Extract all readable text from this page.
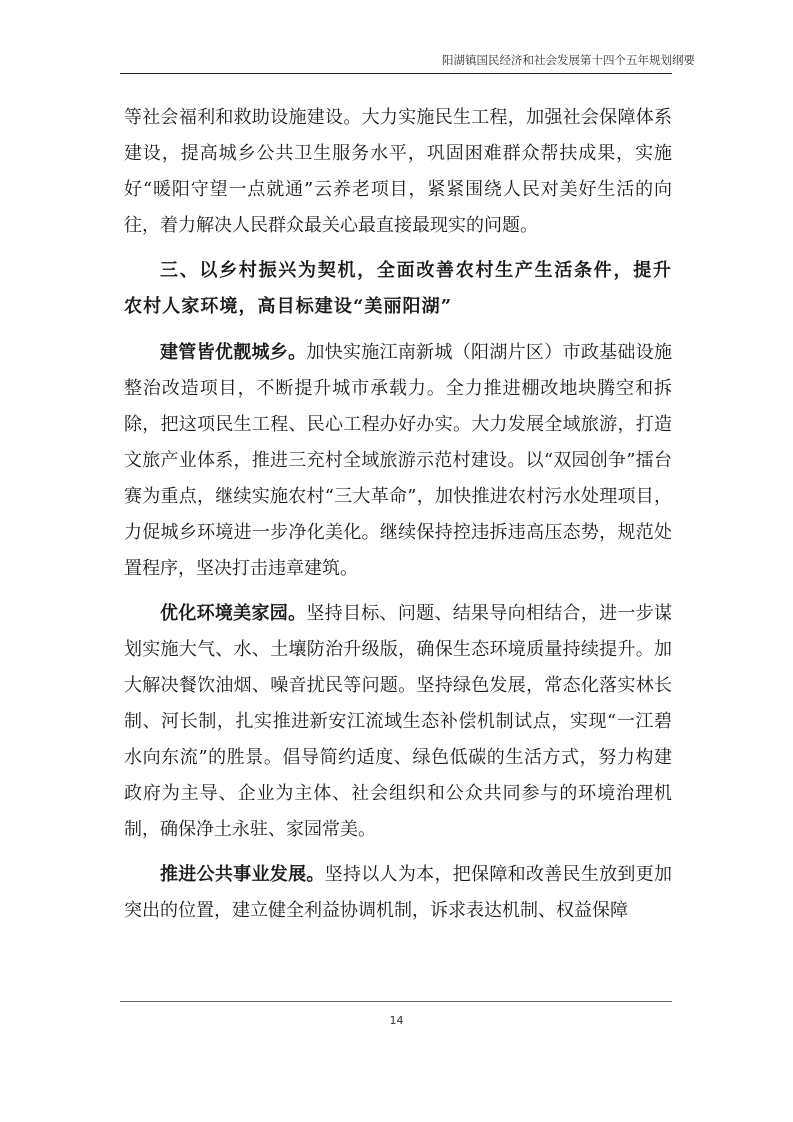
阳湖镇国民经济和社会发展第十四个五年规划纲要

等社会福利和救助设施建设。大力实施民生工程，加强社会保障体系建设，提高城乡公共卫生服务水平，巩固困难群众帮扶成果，实施好“暖阳守望一点就通”云养老项目，紧紧围绕人民对美好生活的向往，着力解决人民群众最关心最直接最现实的问题。

三、以乡村振兴为契机，全面改善农村生产生活条件，提升农村人家环境，高目标建设“美丽阳湖”

建管皆优靓城乡。加快实施江南新城（阳湖片区）市政基础设施整治改造项目，不断提升城市承载力。全力推进棚改地块腾空和拆除，把这项民生工程、民心工程办好办实。大力发展全域旅游，打造文旅产业体系，推进三充村全域旅游示范村建设。以“双园创争”擂台赛为重点，继续实施农村“三大革命”，加快推进农村污水处理项目，力促城乡环境进一步净化美化。继续保持控违拆违高压态势，规范处置程序，坚决打击违章建筑。

优化环境美家园。坚持目标、问题、结果导向相结合，进一步谋划实施大气、水、土壤防治升级版，确保生态环境质量持续提升。加大解决餐饮油烟、噪音扰民等问题。坚持绿色发展，常态化落实林长制、河长制，扎实推进新安江流域生态补偿机制试点，实现“一江碧水向东流”的胜景。倡导简约适度、绿色低碳的生活方式，努力构建政府为主导、企业为主体、社会组织和公众共同参与的环境治理机制，确保净土永驻、家园常美。

推进公共事业发展。坚持以人为本，把保障和改善民生放到更加突出的位置，建立健全利益协调机制，诉求表达机制、权益保障

14
